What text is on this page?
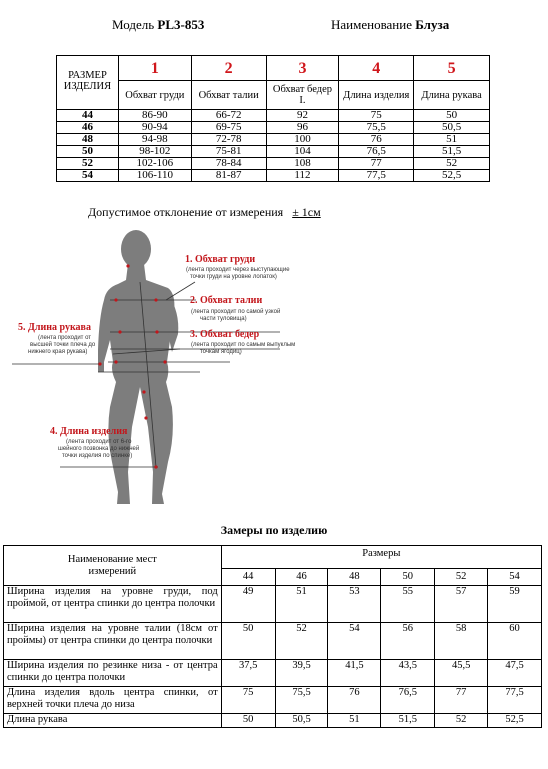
Модель PL3-853	Наименование Блуза
РАЗМЕР ИЗДЕЛИЯ	1	2	3	4	5
	Обхват груди	Обхват талии	Обхват бедер I.	Длина изделия	Длина рукава
44	86-90	66-72	92	75	50
46	90-94	69-75	96	75,5	50,5
48	94-98	72-78	100	76	51
50	98-102	75-81	104	76,5	51,5
52	102-106	78-84	108	77	52
54	106-110	81-87	112	77,5	52,5
Допустимое отклонение от измерения ± 1см
1. Обхват груди
(лента проходит через выступающие
точки груди на уровне лопаток)
2. Обхват талии
(лента проходит по самой узкой
части туловища)
3. Обхват бедер
(лента проходит по самым выпуклым
точкам ягодиц)
5. Длина рукава
(лента проходит от
высшей точки плеча до
нижнего края рукава)
4. Длина изделия
(лента проходит от 6-го
шейного позвонка до нижней
точки изделия по спинке)
Замеры по изделию
Наименование мест измерений	Размеры					
	44	46	48	50	52	54
Ширина изделия на уровне груди, под проймой, от центра спинки до центра полочки	49	51	53	55	57	59
Ширина изделия на уровне талии (18см от проймы) от центра спинки до центра полочки	50	52	54	56	58	60
Ширина изделия по резинке низа - от центра спинки до центра полочки	37,5	39,5	41,5	43,5	45,5	47,5
Длина изделия вдоль центра спинки, от верхней точки плеча до низа	75	75,5	76	76,5	77	77,5
Длина рукава	50	50,5	51	51,5	52	52,5
